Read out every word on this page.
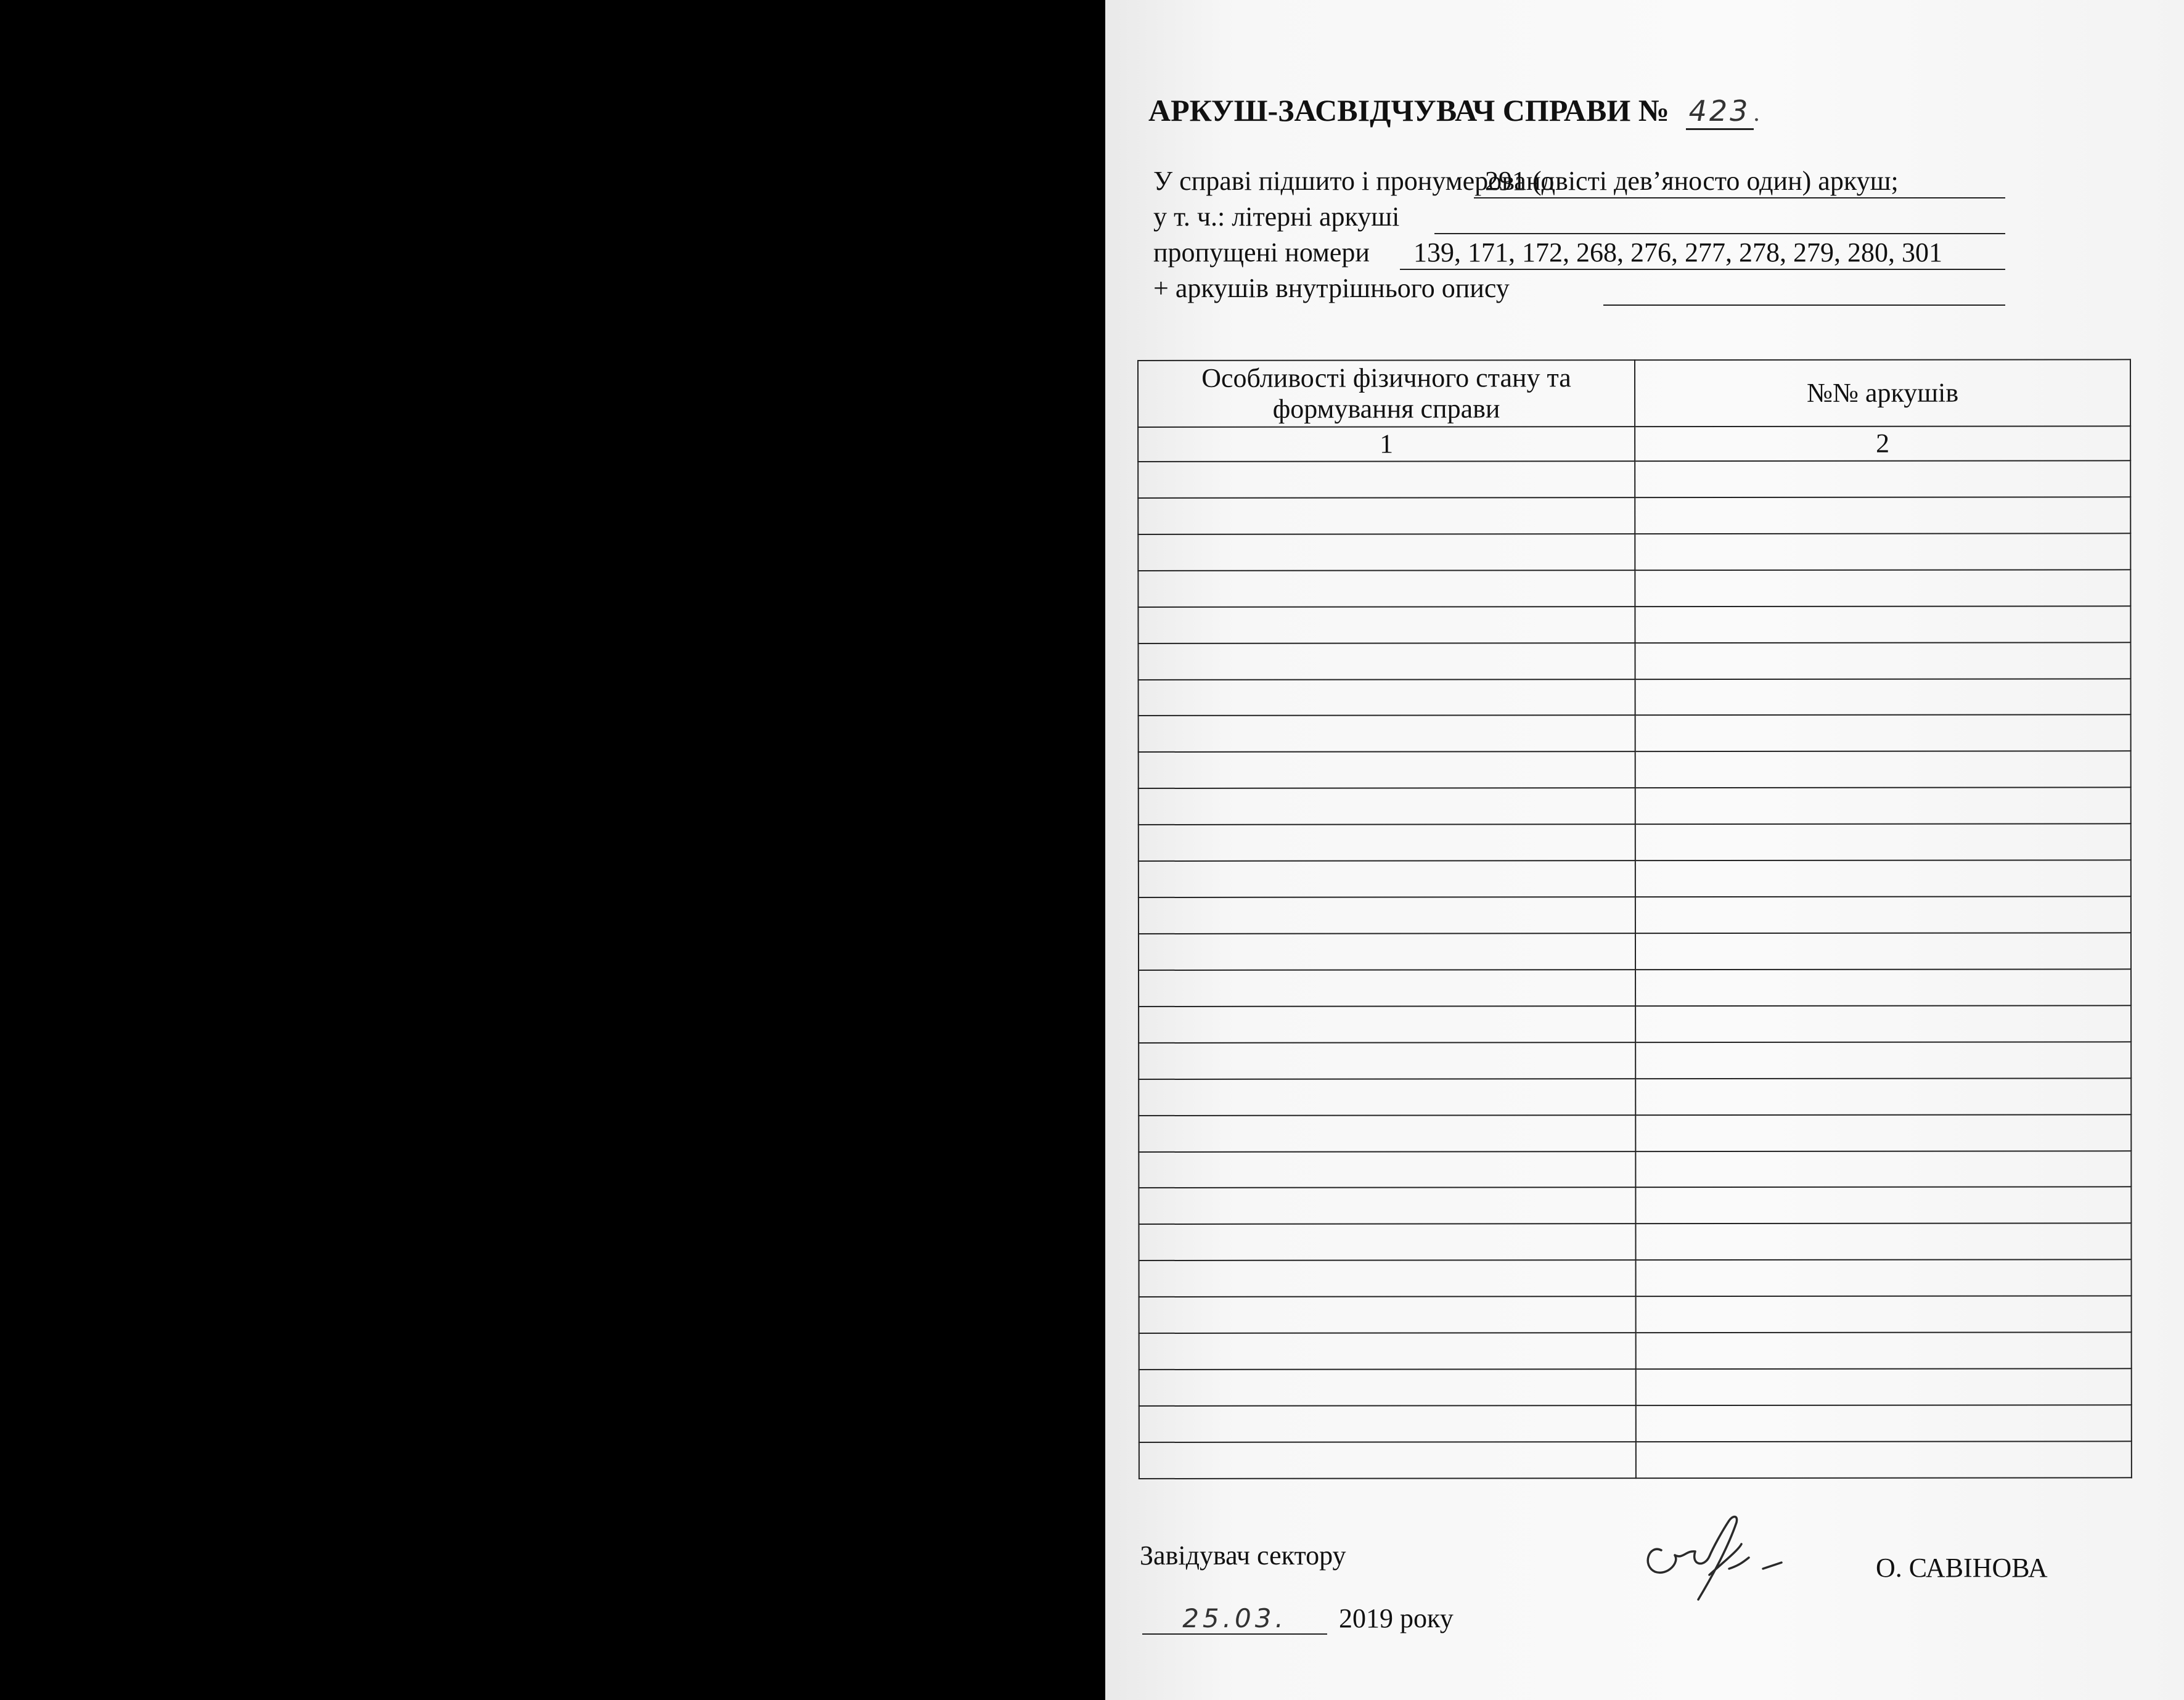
АРКУШ-ЗАСВІДЧУВАЧ СПРАВИ № 423 .
У справі підшито і пронумеровано
291 (двісті дев’яносто один) аркуш;
у т. ч.: літерні аркуші
пропущені номери	139, 171, 172, 268, 276, 277, 278, 279, 280, 301
+ аркушів внутрішнього опису
Особливості фізичного стану та формування справи	№№ аркушів
1	2

Завідувач сектору	О. САВІНОВА
25.03. 2019 року
